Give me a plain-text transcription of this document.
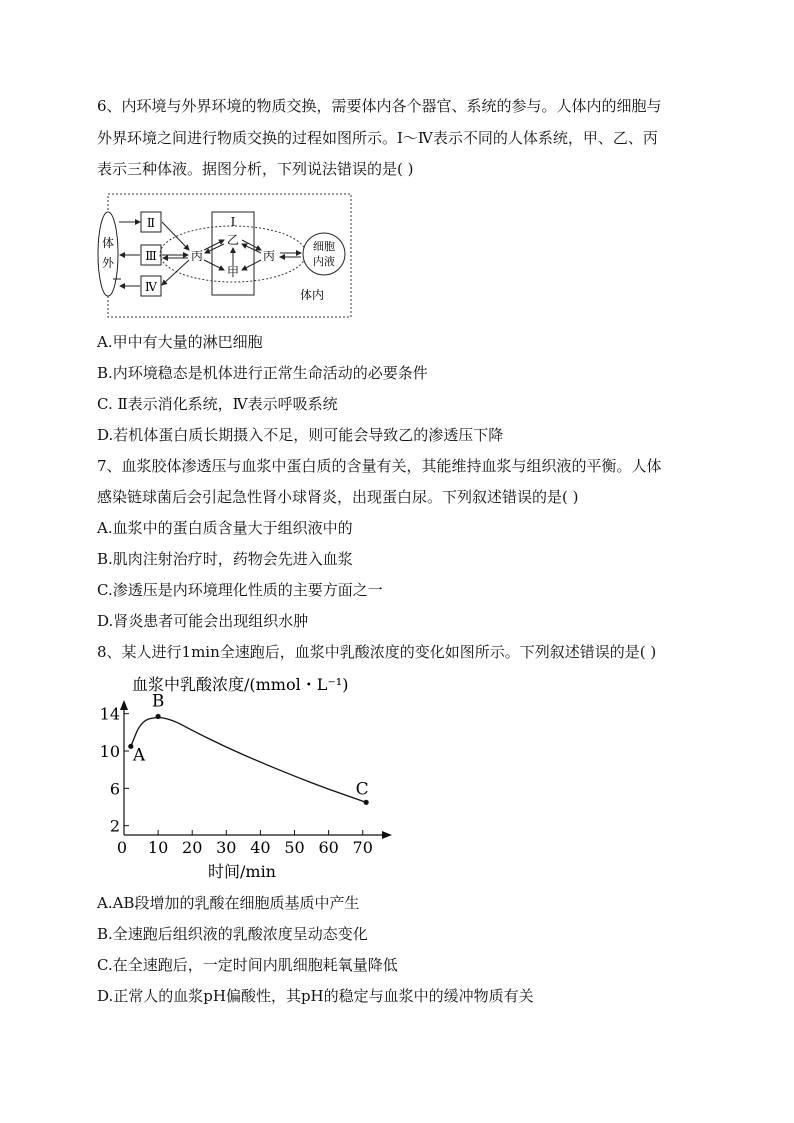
6、内环境与外界环境的物质交换，需要体内各个器官、系统的参与。人体内的细胞与
外界环境之间进行物质交换的过程如图所示。Ⅰ～Ⅳ表示不同的人体系统，甲、乙、丙
表示三种体液。据图分析，下列说法错误的是( )
体
外
Ⅱ
Ⅲ
Ⅳ
Ⅰ
乙
甲
丙	丙
细胞
内液
体内
A.甲中有大量的淋巴细胞
B.内环境稳态是机体进行正常生命活动的必要条件
C. Ⅱ表示消化系统，Ⅳ表示呼吸系统
D.若机体蛋白质长期摄入不足，则可能会导致乙的渗透压下降
7、血浆胶体渗透压与血浆中蛋白质的含量有关，其能维持血浆与组织液的平衡。人体
感染链球菌后会引起急性肾小球肾炎，出现蛋白尿。下列叙述错误的是( )
A.血浆中的蛋白质含量大于组织液中的
B.肌肉注射治疗时，药物会先进入血浆
C.渗透压是内环境理化性质的主要方面之一
D.肾炎患者可能会出现组织水肿
8、某人进行1min全速跑后，血浆中乳酸浓度的变化如图所示。下列叙述错误的是( )
血浆中乳酸浓度/(mmol・L⁻¹)
2
6
10
14
0 10 20 30 40 50 60 70
A
B
C
时间/min
A.AB段增加的乳酸在细胞质基质中产生
B.全速跑后组织液的乳酸浓度呈动态变化
C.在全速跑后，一定时间内肌细胞耗氧量降低
D.正常人的血浆pH偏酸性，其pH的稳定与血浆中的缓冲物质有关
